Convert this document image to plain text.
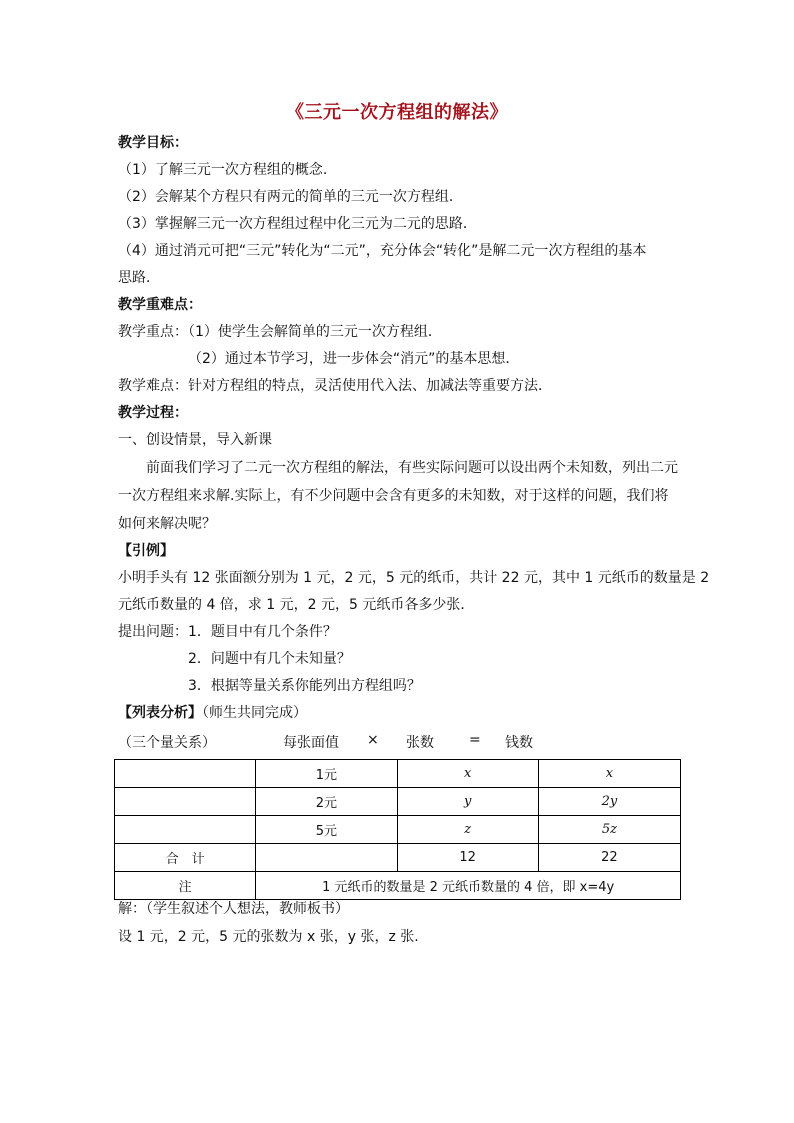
《三元一次方程组的解法》
教学目标：
（1）了解三元一次方程组的概念.
（2）会解某个方程只有两元的简单的三元一次方程组．
（3）掌握解三元一次方程组过程中化三元为二元的思路．
（4）通过消元可把“三元”转化为“二元”，充分体会“转化”是解二元一次方程组的基本
思路.
教学重难点：
教学重点：（1）使学生会解简单的三元一次方程组．
（2）通过本节学习，进一步体会“消元”的基本思想．
教学难点：针对方程组的特点，灵活使用代入法、加减法等重要方法．
教学过程：
一、创设情景，导入新课
前面我们学习了二元一次方程组的解法，有些实际问题可以设出两个未知数，列出二元
一次方程组来求解.实际上，有不少问题中会含有更多的未知数，对于这样的问题，我们将
如何来解决呢？
【引例】
小明手头有 12 张面额分别为 1 元，2 元，5 元的纸币，共计 22 元，其中 1 元纸币的数量是 2
元纸币数量的 4 倍，求 1 元，2 元，5 元纸币各多少张．
提出问题：1．题目中有几个条件？
2．问题中有几个未知量？
3．根据等量关系你能列出方程组吗？
【列表分析】（师生共同完成）
（三个量关系）	每张面值 × 张数	= 钱数
	1元	x	x
	2元	y	2y
	5元	z	5z
合　计		12	22
注	1 元纸币的数量是 2 元纸币数量的 4 倍，即 x=4y		
解：（学生叙述个人想法，教师板书）
设 1 元，2 元，5 元的张数为 x 张，y 张，z 张.
